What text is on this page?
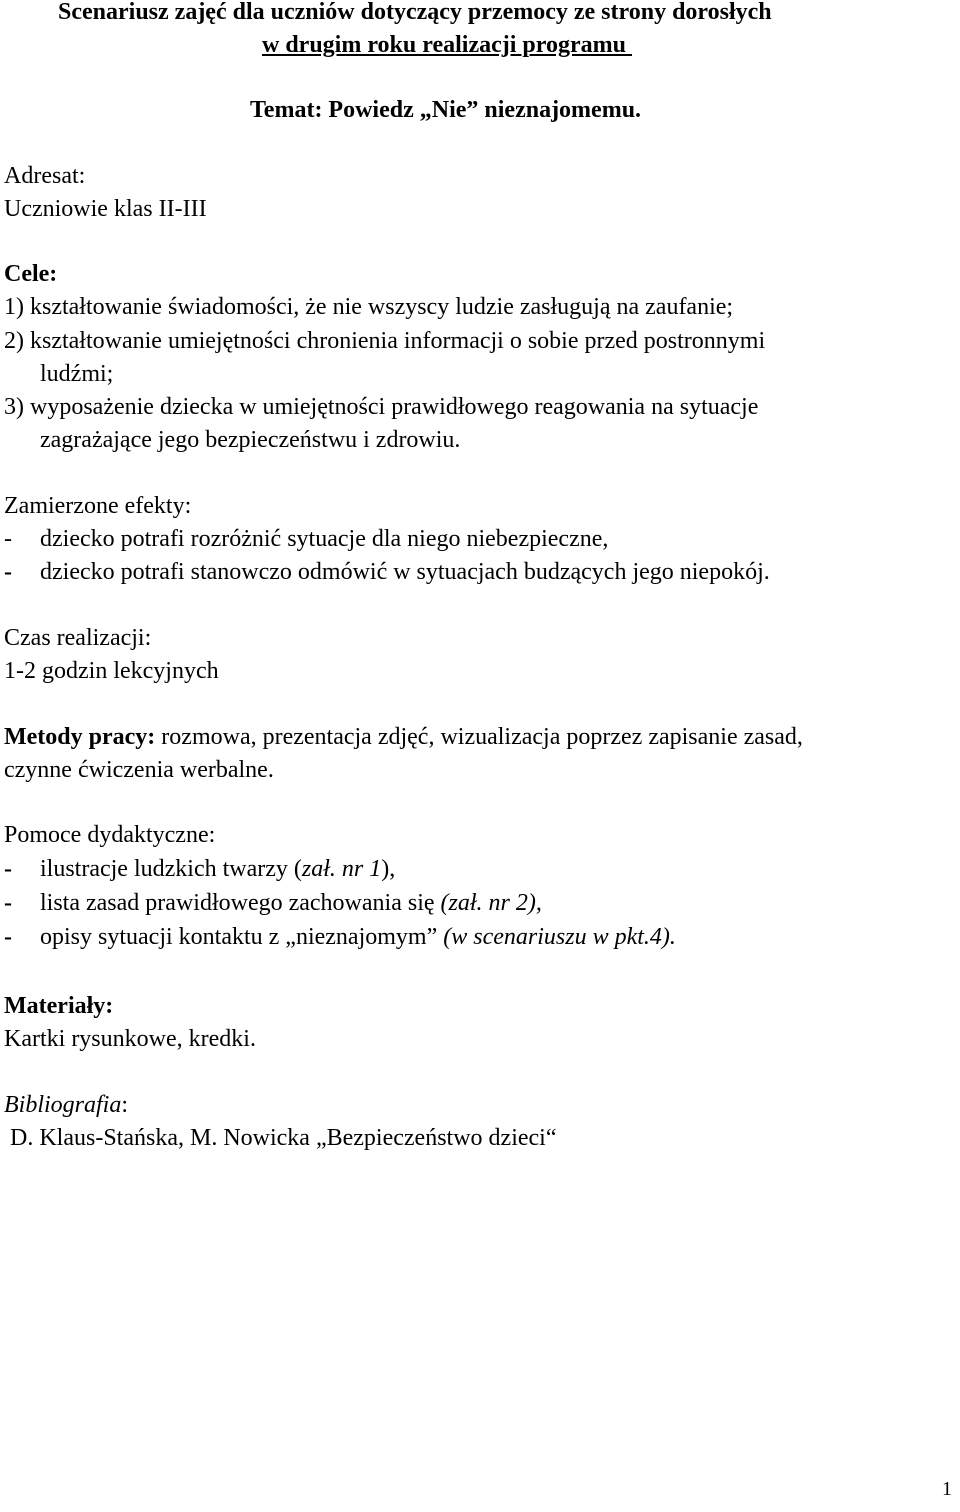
Scenariusz zajęć dla uczniów dotyczący przemocy ze strony dorosłych
w drugim roku realizacji programu
Temat: Powiedz „Nie” nieznajomemu.
Adresat:
Uczniowie klas II-III
Cele:
1) kształtowanie świadomości, że nie wszyscy ludzie zasługują na zaufanie;
2) kształtowanie umiejętności chronienia informacji o sobie przed postronnymi
ludźmi;
3) wyposażenie dziecka w umiejętności prawidłowego reagowania na sytuacje
zagrażające jego bezpieczeństwu i zdrowiu.
Zamierzone efekty:
- dziecko potrafi rozróżnić sytuacje dla niego niebezpieczne,
- dziecko potrafi stanowczo odmówić w sytuacjach budzących jego niepokój.
Czas realizacji:
1-2 godzin lekcyjnych
Metody pracy: rozmowa, prezentacja zdjęć, wizualizacja poprzez zapisanie zasad,
czynne ćwiczenia werbalne.
Pomoce dydaktyczne:
- ilustracje ludzkich twarzy (zał. nr 1),
- lista zasad prawidłowego zachowania się (zał. nr 2),
- opisy sytuacji kontaktu z „nieznajomym” (w scenariuszu w pkt.4).
Materiały:
Kartki rysunkowe, kredki.
Bibliografia:
D. Klaus-Stańska, M. Nowicka „Bezpieczeństwo dzieci“
1
